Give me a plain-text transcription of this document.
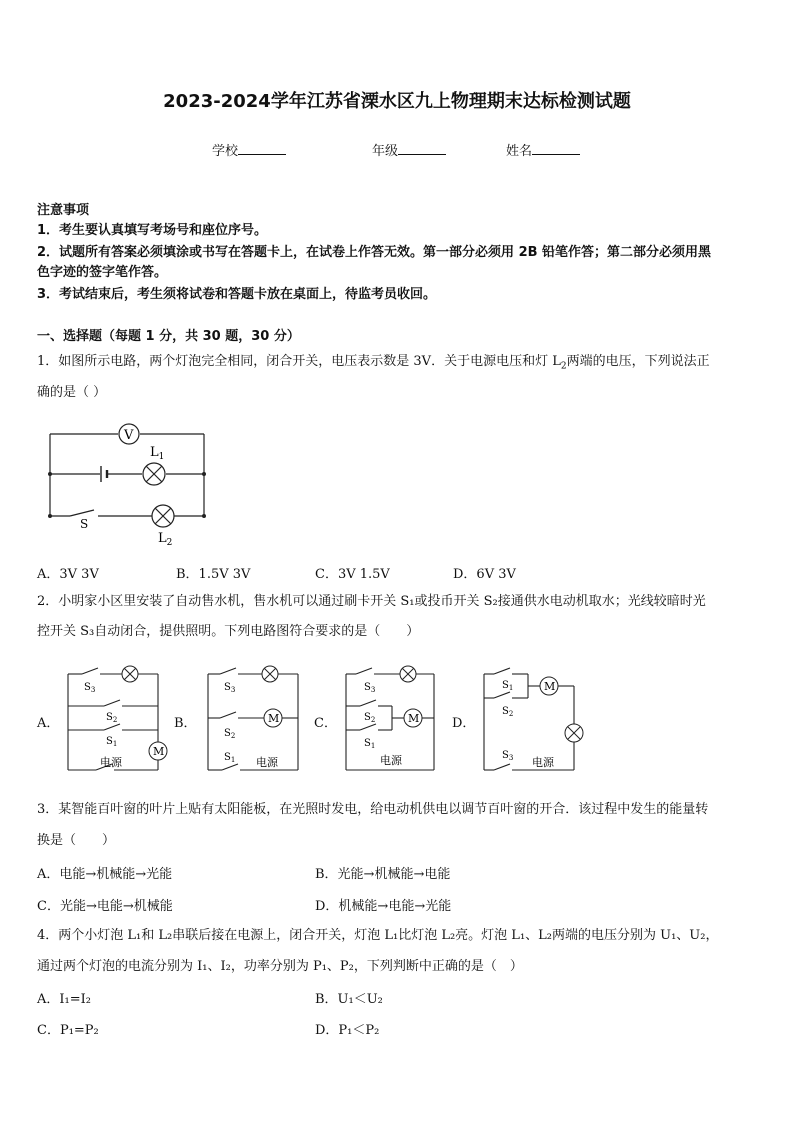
2023-2024学年江苏省溧水区九上物理期末达标检测试题
学校	年级	姓名
注意事项
1．考生要认真填写考场号和座位序号。
2．试题所有答案必须填涂或书写在答题卡上，在试卷上作答无效。第一部分必须用 2B 铅笔作答；第二部分必须用黑
色字迹的签字笔作答。
3．考试结束后，考生须将试卷和答题卡放在桌面上，待监考员收回。
一、选择题（每题 1 分，共 30 题，30 分）
1．如图所示电路，两个灯泡完全相同，闭合开关，电压表示数是 3V．关于电源电压和灯 $L_2$两端的电压，下列说法正
确的是（ ）
V
$L_1$
$L_2$
S
A．3V 3V	B．1.5V 3V	C．3V 1.5V	D．6V 3V
2．小明家小区里安装了自动售水机，售水机可以通过刷卡开关 S₁或投币开关 S₂接通供水电动机取水；光线较暗时光
控开关 S₃自动闭合，提供照明。下列电路图符合要求的是（　　）
A．
M
$S_3$
$S_2$
$S_1$
电源
B．	M
$S_3$
$S_2$
$S_1$ 电源
C．	M
$S_3$
$S_2$
$S_1$
电源
D．
M
$S_1$
$S_2$
$S_3$ 电源
3．某智能百叶窗的叶片上贴有太阳能板，在光照时发电，给电动机供电以调节百叶窗的开合．该过程中发生的能量转
换是（　　）
A．电能→机械能→光能	B．光能→机械能→电能
C．光能→电能→机械能	D．机械能→电能→光能
4．两个小灯泡 L₁和 L₂串联后接在电源上，闭合开关，灯泡 L₁比灯泡 L₂亮。灯泡 L₁、L₂两端的电压分别为 U₁、U₂，
通过两个灯泡的电流分别为 I₁、I₂，功率分别为 P₁、P₂，下列判断中正确的是（　）
A．I₁=I₂	B．U₁＜U₂
C．P₁=P₂	D．P₁＜P₂
